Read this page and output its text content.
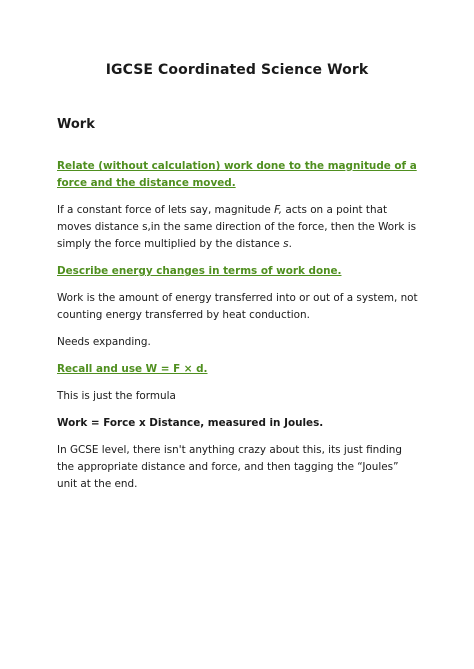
IGCSE Coordinated Science Work
Work

Relate (without calculation) work done to the magnitude of a force and the distance moved.

If a constant force of lets say, magnitude F, acts on a point that moves distance s,in the same direction of the force, then the Work is simply the force multiplied by the distance s.

Describe energy changes in terms of work done.

Work is the amount of energy transferred into or out of a system, not counting energy transferred by heat conduction.

Needs expanding.

Recall and use W = F × d.

This is just the formula

Work = Force x Distance, measured in Joules.

In GCSE level, there isn't anything crazy about this, its just finding the appropriate distance and force, and then tagging the “Joules” unit at the end.
